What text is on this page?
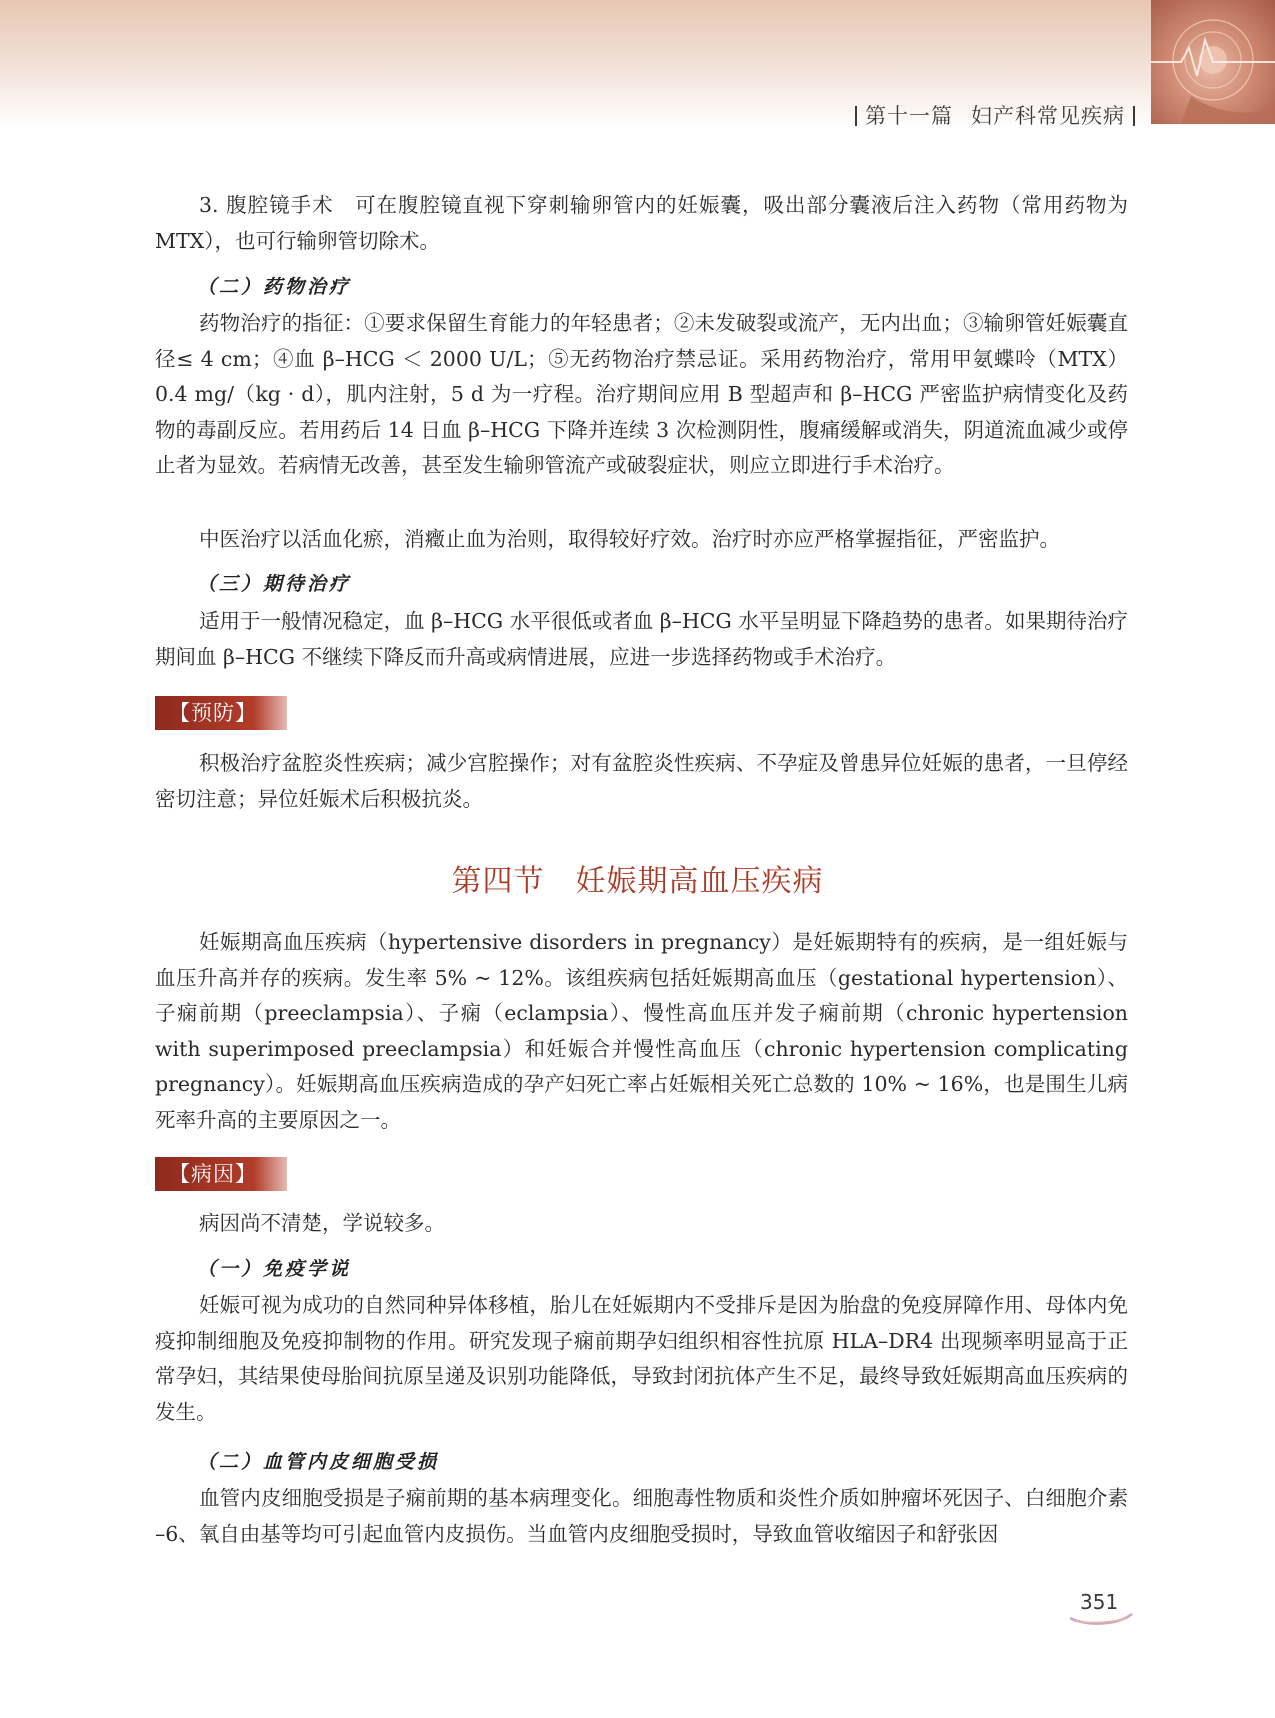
第十一篇 妇产科常见疾病

3. 腹腔镜手术　可在腹腔镜直视下穿刺输卵管内的妊娠囊，吸出部分囊液后注入药物（常用药物为 MTX），也可行输卵管切除术。

（二）药物治疗

药物治疗的指征：①要求保留生育能力的年轻患者；②未发破裂或流产，无内出血；③输卵管妊娠囊直径≤ 4 cm；④血 β–HCG ＜ 2000 U/L；⑤无药物治疗禁忌证。采用药物治疗，常用甲氨蝶呤（MTX）0.4 mg/（kg · d），肌内注射，5 d 为一疗程。治疗期间应用 B 型超声和 β–HCG 严密监护病情变化及药物的毒副反应。若用药后 14 日血 β–HCG 下降并连续 3 次检测阴性，腹痛缓解或消失，阴道流血减少或停止者为显效。若病情无改善，甚至发生输卵管流产或破裂症状，则应立即进行手术治疗。

中医治疗以活血化瘀，消癥止血为治则，取得较好疗效。治疗时亦应严格掌握指征，严密监护。

（三）期待治疗

适用于一般情况稳定，血 β–HCG 水平很低或者血 β–HCG 水平呈明显下降趋势的患者。如果期待治疗期间血 β–HCG 不继续下降反而升高或病情进展，应进一步选择药物或手术治疗。

【预防】

积极治疗盆腔炎性疾病；减少宫腔操作；对有盆腔炎性疾病、不孕症及曾患异位妊娠的患者，一旦停经密切注意；异位妊娠术后积极抗炎。

第四节　妊娠期高血压疾病

妊娠期高血压疾病（hypertensive disorders in pregnancy）是妊娠期特有的疾病，是一组妊娠与血压升高并存的疾病。发生率 5% ~ 12%。该组疾病包括妊娠期高血压（gestational hypertension）、子痫前期（preeclampsia）、子痫（eclampsia）、慢性高血压并发子痫前期（chronic hypertension with superimposed preeclampsia）和妊娠合并慢性高血压（chronic hypertension complicating pregnancy）。妊娠期高血压疾病造成的孕产妇死亡率占妊娠相关死亡总数的 10% ~ 16%，也是围生儿病死率升高的主要原因之一。

【病因】

病因尚不清楚，学说较多。

（一）免疫学说

妊娠可视为成功的自然同种异体移植，胎儿在妊娠期内不受排斥是因为胎盘的免疫屏障作用、母体内免疫抑制细胞及免疫抑制物的作用。研究发现子痫前期孕妇组织相容性抗原 HLA–DR4 出现频率明显高于正常孕妇，其结果使母胎间抗原呈递及识别功能降低，导致封闭抗体产生不足，最终导致妊娠期高血压疾病的发生。

（二）血管内皮细胞受损

血管内皮细胞受损是子痫前期的基本病理变化。细胞毒性物质和炎性介质如肿瘤坏死因子、白细胞介素 –6、氧自由基等均可引起血管内皮损伤。当血管内皮细胞受损时，导致血管收缩因子和舒张因

351
